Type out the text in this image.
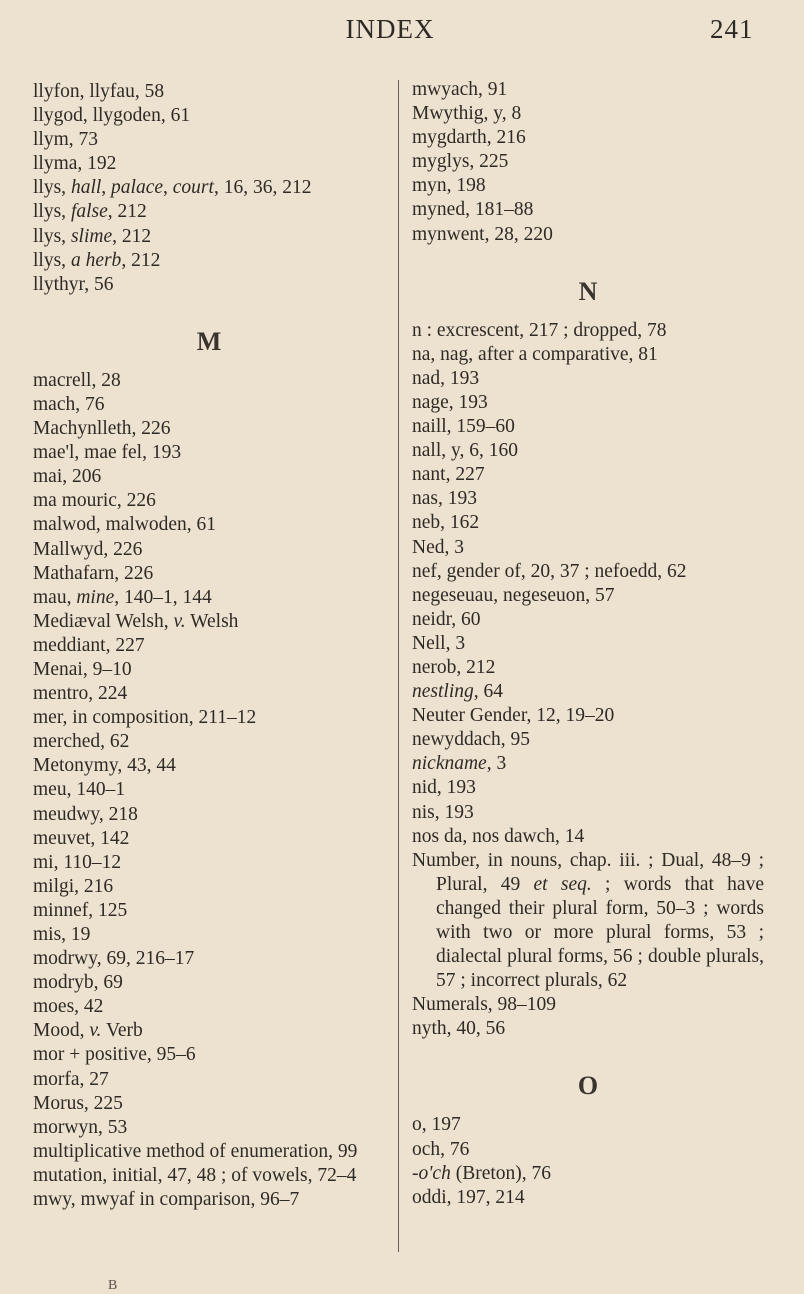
INDEX	241
llyfon, llyfau, 58
llygod, llygoden, 61
llym, 73
llyma, 192
llys, hall, palace, court, 16, 36, 212
llys, false, 212
llys, slime, 212
llys, a herb, 212
llythyr, 56
M
macrell, 28
mach, 76
Machynlleth, 226
mae'l, mae fel, 193
mai, 206
ma mouric, 226
malwod, malwoden, 61
Mallwyd, 226
Mathafarn, 226
mau, mine, 140–1, 144
Mediæval Welsh, v. Welsh
meddiant, 227
Menai, 9–10
mentro, 224
mer, in composition, 211–12
merched, 62
Metonymy, 43, 44
meu, 140–1
meudwy, 218
meuvet, 142
mi, 110–12
milgi, 216
minnef, 125
mis, 19
modrwy, 69, 216–17
modryb, 69
moes, 42
Mood, v. Verb
mor + positive, 95–6
morfa, 27
Morus, 225
morwyn, 53
multiplicative method of enumeration, 99
mutation, initial, 47, 48 ; of vowels, 72–4
mwy, mwyaf in comparison, 96–7
mwyach, 91
Mwythig, y, 8
mygdarth, 216
myglys, 225
myn, 198
myned, 181–88
mynwent, 28, 220
N
n : excrescent, 217 ; dropped, 78
na, nag, after a comparative, 81
nad, 193
nage, 193
naill, 159–60
nall, y, 6, 160
nant, 227
nas, 193
neb, 162
Ned, 3
nef, gender of, 20, 37 ; nefoedd, 62
negeseuau, negeseuon, 57
neidr, 60
Nell, 3
nerob, 212
nestling, 64
Neuter Gender, 12, 19–20
newyddach, 95
nickname, 3
nid, 193
nis, 193
nos da, nos dawch, 14
Number, in nouns, chap. iii. ; Dual, 48–9 ; Plural, 49 et seq. ; words that have changed their plural form, 50–3 ; words with two or more plural forms, 53 ; dialectal plural forms, 56 ; double plurals, 57 ; incorrect plurals, 62
Numerals, 98–109
nyth, 40, 56
O
o, 197
och, 76
-o'ch (Breton), 76
oddi, 197, 214
B
